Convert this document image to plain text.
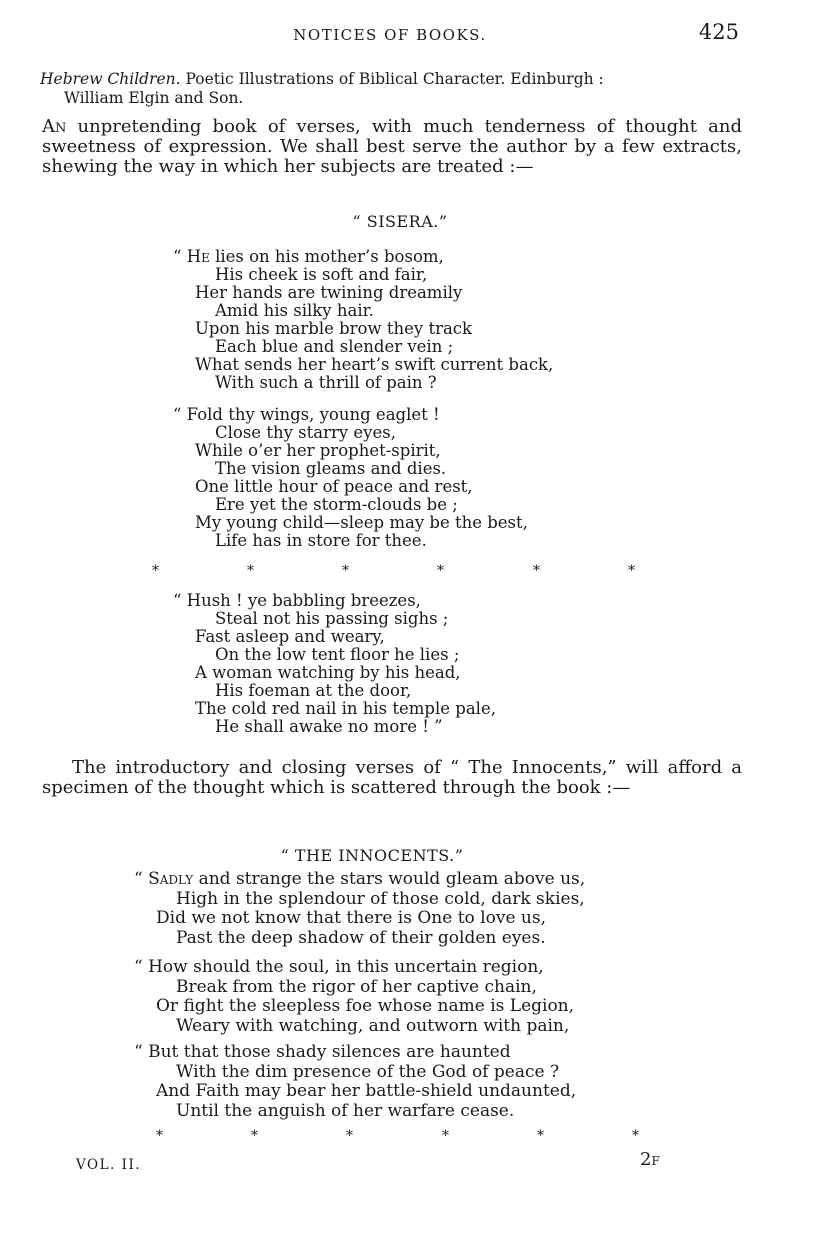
NOTICES OF BOOKS.	425
Hebrew Children. Poetic Illustrations of Biblical Character. Edinburgh :
William Elgin and Son.
An unpretending book of verses, with much tenderness of thought and sweetness of expression. We shall best serve the author by a few extracts, shewing the way in which her subjects are treated :—
“ SISERA.”
“ He lies on his mother’s bosom,
His cheek is soft and fair,
Her hands are twining dreamily
Amid his silky hair.
Upon his marble brow they track
Each blue and slender vein ;
What sends her heart’s swift current back,
With such a thrill of pain ?
“ Fold thy wings, young eaglet !
Close thy starry eyes,
While o’er her prophet-spirit,
The vision gleams and dies.
One little hour of peace and rest,
Ere yet the storm-clouds be ;
My young child—sleep may be the best,
Life has in store for thee.
*	*	*	*	*	*
“ Hush ! ye babbling breezes,
Steal not his passing sighs ;
Fast asleep and weary,
On the low tent floor he lies ;
A woman watching by his head,
His foeman at the door,
The cold red nail in his temple pale,
He shall awake no more ! ”
The introductory and closing verses of “ The Innocents,” will afford a specimen of the thought which is scattered through the book :—
“ THE INNOCENTS.”
“ Sadly and strange the stars would gleam above us,
High in the splendour of those cold, dark skies,
Did we not know that there is One to love us,
Past the deep shadow of their golden eyes.
“ How should the soul, in this uncertain region,
Break from the rigor of her captive chain,
Or fight the sleepless foe whose name is Legion,
Weary with watching, and outworn with pain,
“ But that those shady silences are haunted
With the dim presence of the God of peace ?
And Faith may bear her battle-shield undaunted,
Until the anguish of her warfare cease.
*	*	*	*	*	*
VOL. II.	2F
